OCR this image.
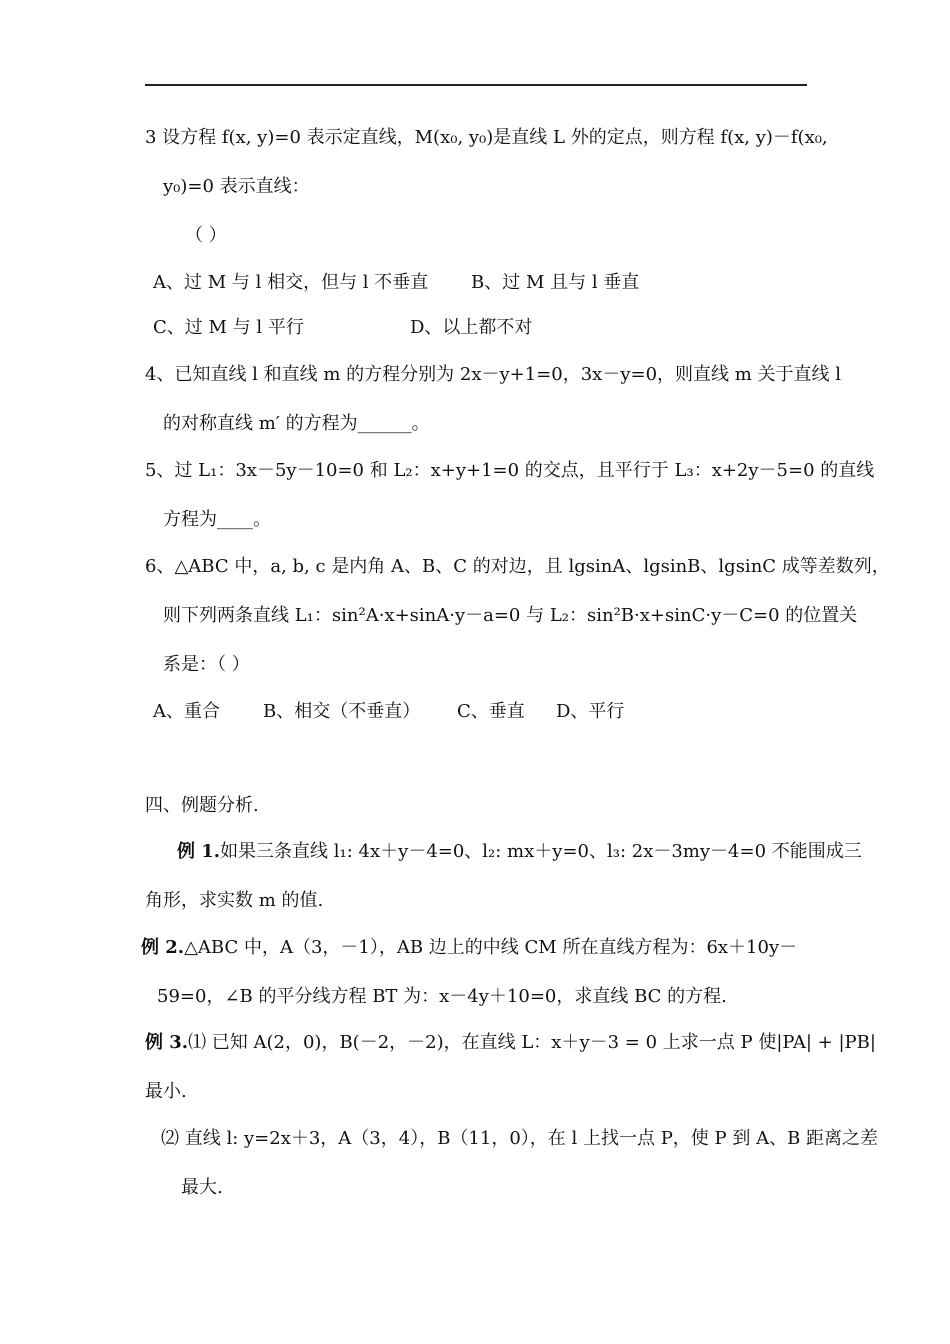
3 设方程 f(x, y)=0 表示定直线，M(x₀, y₀)是直线 L 外的定点，则方程 f(x, y)－f(x₀,
y₀)=0 表示直线：
（ ）
A、过 M 与 l 相交，但与 l 不垂直 B、过 M 且与 l 垂直
C、过 M 与 l 平行	D、以上都不对
4、已知直线 l 和直线 m 的方程分别为 2x－y+1=0，3x－y=0，则直线 m 关于直线 l
的对称直线 m′ 的方程为______。
5、过 L₁：3x－5y－10=0 和 L₂：x+y+1=0 的交点，且平行于 L₃：x+2y－5=0 的直线
方程为____。
6、△ABC 中，a, b, c 是内角 A、B、C 的对边，且 lgsinA、lgsinB、lgsinC 成等差数列，
则下列两条直线 L₁：sin²A·x+sinA·y－a=0 与 L₂：sin²B·x+sinC·y－C=0 的位置关
系是：（ ）
A、重合 B、相交（不垂直） C、垂直 D、平行
四、例题分析.
例 1.如果三条直线 l₁: 4x＋y－4=0、l₂: mx＋y=0、l₃: 2x－3my－4=0 不能围成三
角形，求实数 m 的值.
例 2.△ABC 中，A（3，－1），AB 边上的中线 CM 所在直线方程为：6x＋10y－
59=0，∠B 的平分线方程 BT 为：x－4y＋10=0，求直线 BC 的方程.
例 3.⑴ 已知 A(2，0)，B(－2，－2)，在直线 L：x＋y－3 = 0 上求一点 P 使|PA| + |PB|
最小.
⑵ 直线 l: y=2x＋3，A（3，4），B（11，0），在 l 上找一点 P，使 P 到 A、B 距离之差
最大.
